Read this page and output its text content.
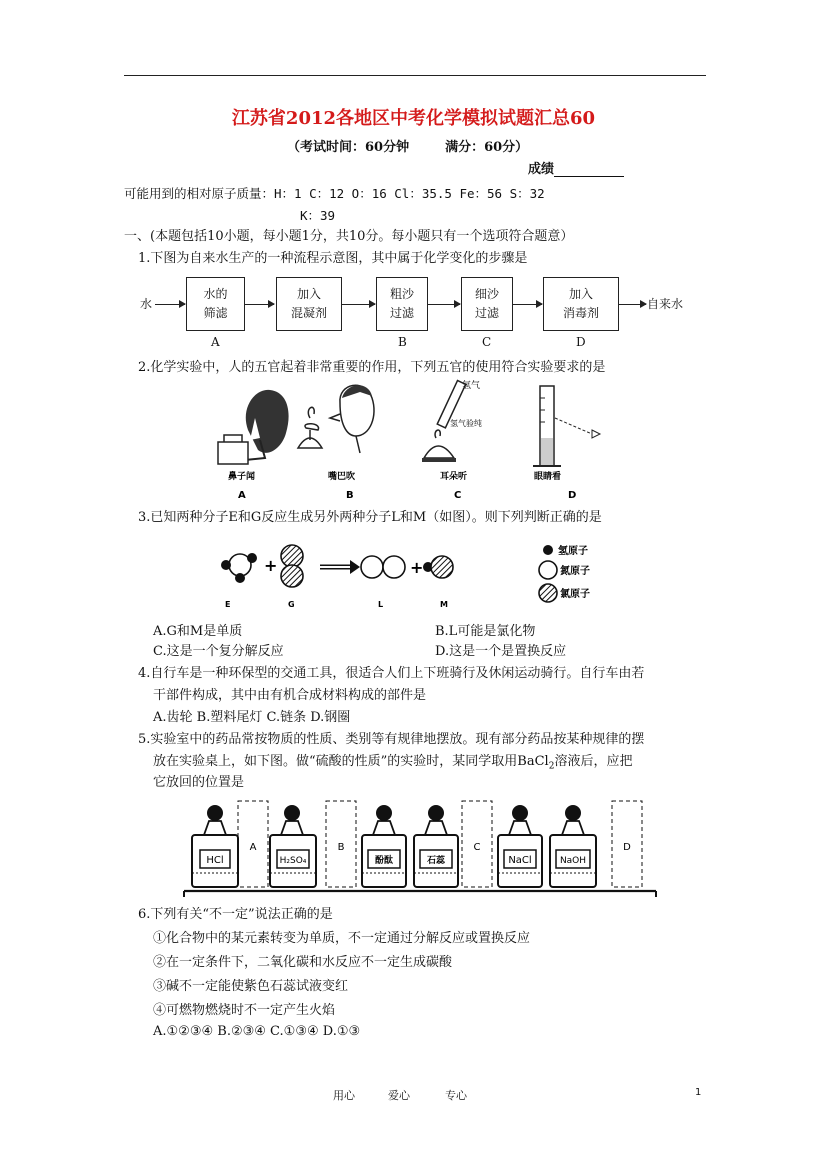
江苏省2012各地区中考化学模拟试题汇总60
（考试时间：60分钟	满分：60分）
成绩
可能用到的相对原子质量：H：1 C：12 O：16 Cl：35.5 Fe：56 S：32
K：39
一、(本题包括10小题，每小题1分，共10分。每小题只有一个选项符合题意）
1.下图为自来水生产的一种流程示意图，其中属于化学变化的步骤是
水
水的
筛滤
加入
混凝剂
粗沙
过滤
细沙
过滤
加入
消毒剂
自来水
A	B	C	D
2.化学实验中，人的五官起着非常重要的作用，下列五官的使用符合实验要求的是
氢气
氢气验纯
鼻子闻
A
嘴巴吹
B
耳朵听
C
眼睛看
D
3.已知两种分子E和G反应生成另外两种分子L和M（如图）。则下列判断正确的是
+	+
E	G	L	M
氢原子
氮原子
氯原子
A.G和M是单质	B.L可能是氯化物
C.这是一个复分解反应	D.这是一个是置换反应
4.自行车是一种环保型的交通工具，很适合人们上下班骑行及休闲运动骑行。自行车由若
干部件构成，其中由有机合成材料构成的部件是
A.齿轮 B.塑料尾灯 C.链条 D.钢圈
5.实验室中的药品常按物质的性质、类别等有规律地摆放。现有部分药品按某种规律的摆
放在实验桌上，如下图。做“硫酸的性质”的实验时，某同学取用BaCl$_2$溶液后，应把
它放回的位置是
HCl
A
H₂SO₄
B
酚酞	石蕊
C
NaCl	NaOH
D
6.下列有关“不一定”说法正确的是
①化合物中的某元素转变为单质，不一定通过分解反应或置换反应
②在一定条件下，二氧化碳和水反应不一定生成碳酸
③碱不一定能使紫色石蕊试液变红
④可燃物燃烧时不一定产生火焰
A.①②③④ B.②③④ C.①③④ D.①③
用心	爱心	专心	1
